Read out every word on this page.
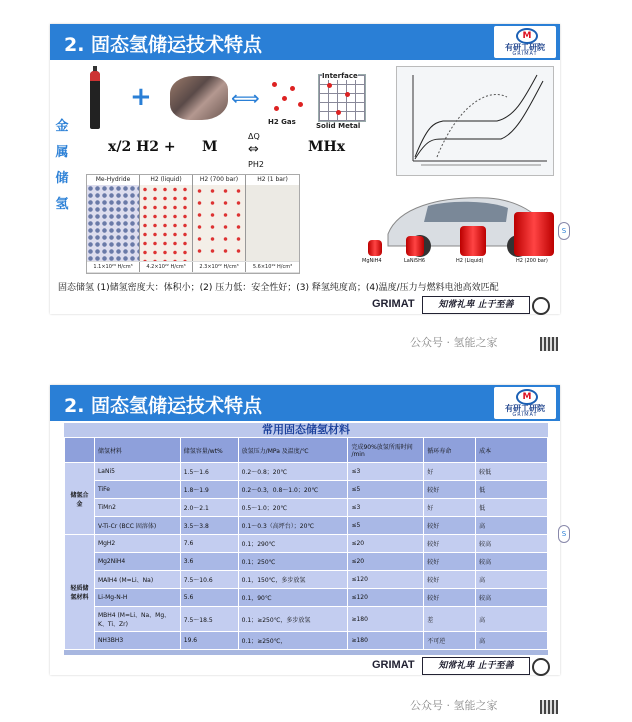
2. 固态氢储运技术特点	M
有研工研院
GRIMAT
金属储氢
+	⟺
Interface
H2 Gas	Solid Metal
x/2 H2 + M
ΔQ
⇔
PH2
MHx
Me-Hydride	H2 (liquid)	H2 (700 bar)	H2 (1 bar)
1.1×10²³ H/cm³	4.2×10²² H/cm³	2.3×10²² H/cm³	5.6×10¹⁹ H/cm³
MgNiH4	LaNi5H6	H2 (Liquid)	H2 (200 bar)
固态储氢 (1)储氢密度大：体积小；(2) 压力低：安全性好；(3) 释氢纯度高；(4)温度/压力与燃料电池高效匹配
S
GRIMAT	知常礼卑 止于至善
公众号 · 氢能之家
2. 固态氢储运技术特点	M
有研工研院
GRIMAT
常用固态储氢材料
	储氢材料	储氢容量/wt%	放氢压力/MPa 及温度/℃	完成90%放氢所需时间 /min	循环寿命	成本
储氢合金	LaNi5	1.5～1.6	0.2～0.8；20℃	≤3	好	较低
	TiFe	1.8～1.9	0.2～0.3，0.8～1.0；20℃	≤5	较好	低
	TiMn2	2.0～2.1	0.5～1.0；20℃	≤3	好	低
	V-Ti-Cr (BCC 固溶体)	3.5～3.8	0.1～0.3（高坪台）；20℃	≤5	较好	高
轻质储氢材料	MgH2	7.6	0.1；290℃	≤20	较好	较高
	Mg2NiH4	3.6	0.1；250℃	≤20	较好	较高
	MAlH4 (M=Li、Na)	7.5～10.6	0.1，150℃，多步放氢	≤120	较好	高
	Li-Mg-N-H	5.6	0.1，90℃	≤120	较好	较高
	MBH4 (M=Li、Na、Mg、K、Ti、Zr)	7.5～18.5	0.1；≥250℃，多步放氢	≥180	差	高
	NH3BH3	19.6	0.1；≥250℃，	≥180	不可逆	高
S
GRIMAT	知常礼卑 止于至善
公众号 · 氢能之家
